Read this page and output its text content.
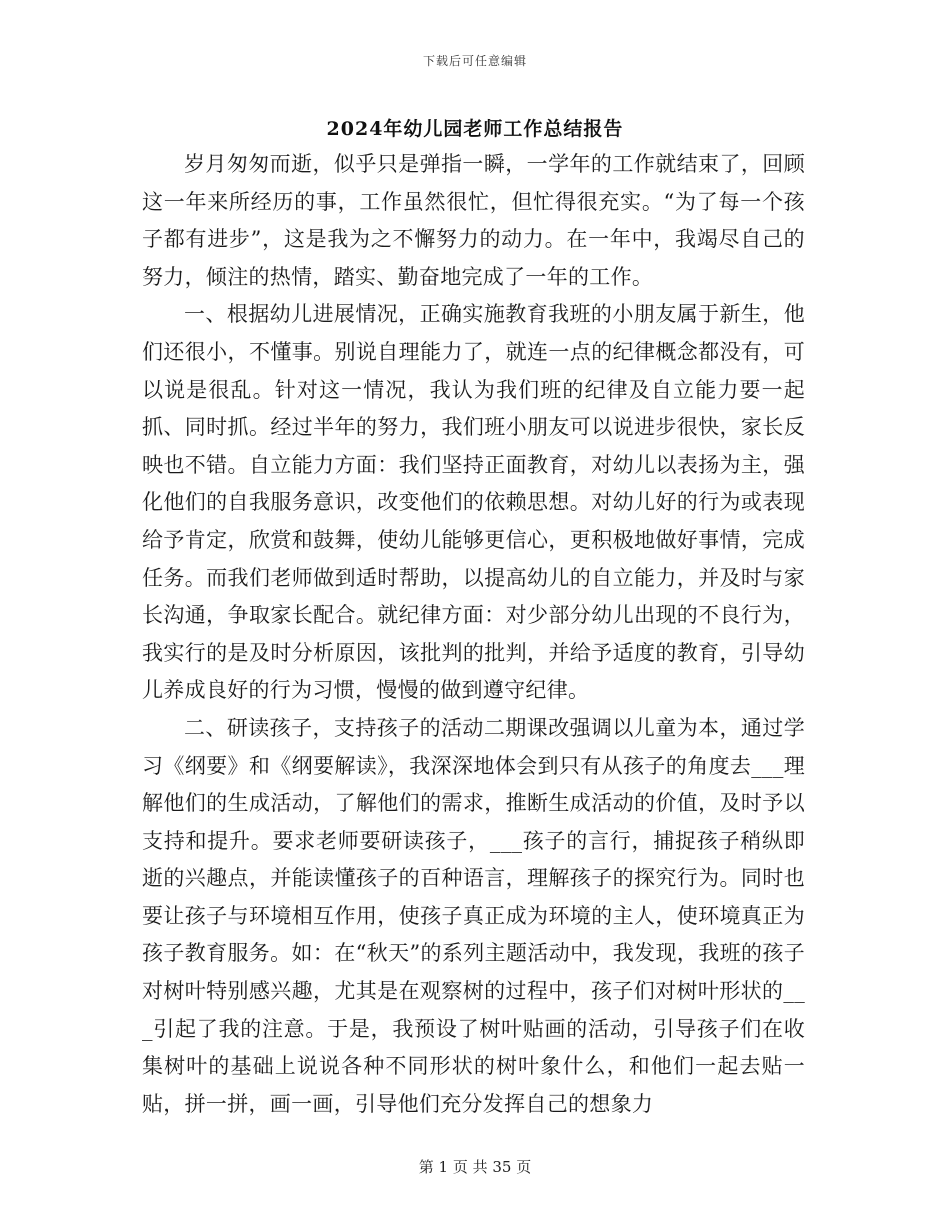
下载后可任意编辑
2024年幼儿园老师工作总结报告

岁月匆匆而逝，似乎只是弹指一瞬，一学年的工作就结束了，回顾这一年来所经历的事，工作虽然很忙，但忙得很充实。“为了每一个孩子都有进步”，这是我为之不懈努力的动力。在一年中，我竭尽自己的努力，倾注的热情，踏实、勤奋地完成了一年的工作。

一、根据幼儿进展情况，正确实施教育我班的小朋友属于新生，他们还很小，不懂事。别说自理能力了，就连一点的纪律概念都没有，可以说是很乱。针对这一情况，我认为我们班的纪律及自立能力要一起抓、同时抓。经过半年的努力，我们班小朋友可以说进步很快，家长反映也不错。自立能力方面：我们坚持正面教育，对幼儿以表扬为主，强化他们的自我服务意识，改变他们的依赖思想。对幼儿好的行为或表现给予肯定，欣赏和鼓舞，使幼儿能够更信心，更积极地做好事情，完成任务。而我们老师做到适时帮助，以提高幼儿的自立能力，并及时与家长沟通，争取家长配合。就纪律方面：对少部分幼儿出现的不良行为，我实行的是及时分析原因，该批判的批判，并给予适度的教育，引导幼儿养成良好的行为习惯，慢慢的做到遵守纪律。

二、研读孩子，支持孩子的活动二期课改强调以儿童为本，通过学习《纲要》和《纲要解读》，我深深地体会到只有从孩子的角度去___理解他们的生成活动，了解他们的需求，推断生成活动的价值，及时予以支持和提升。要求老师要研读孩子，___孩子的言行，捕捉孩子稍纵即逝的兴趣点，并能读懂孩子的百种语言，理解孩子的探究行为。同时也要让孩子与环境相互作用，使孩子真正成为环境的主人，使环境真正为孩子教育服务。如：在“秋天”的系列主题活动中，我发现，我班的孩子对树叶特别感兴趣，尤其是在观察树的过程中，孩子们对树叶形状的___引起了我的注意。于是，我预设了树叶贴画的活动，引导孩子们在收集树叶的基础上说说各种不同形状的树叶象什么，和他们一起去贴一贴，拼一拼，画一画，引导他们充分发挥自己的想象力

第 1 页 共 35 页
